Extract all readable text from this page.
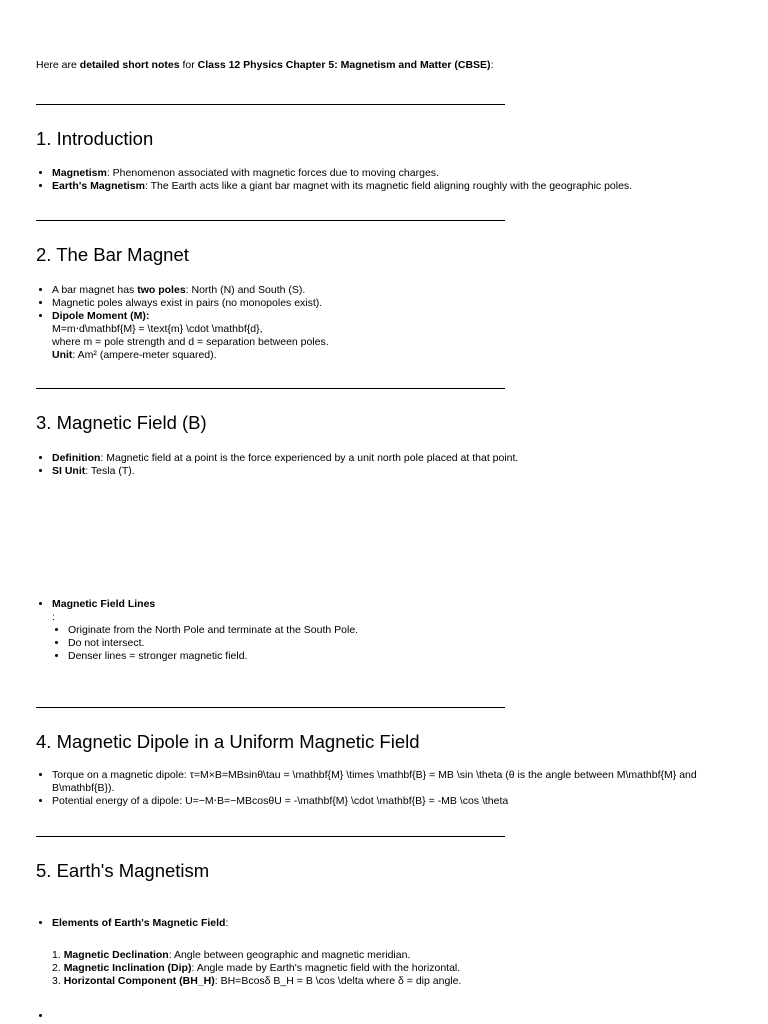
Here are detailed short notes for Class 12 Physics Chapter 5: Magnetism and Matter (CBSE):
1. Introduction
• Magnetism: Phenomenon associated with magnetic forces due to moving charges.
• Earth's Magnetism: The Earth acts like a giant bar magnet with its magnetic field aligning roughly with the geographic poles.
2. The Bar Magnet
• A bar magnet has two poles: North (N) and South (S).
• Magnetic poles always exist in pairs (no monopoles exist).
• Dipole Moment (M):
M=m⋅d\mathbf{M} = \text{m} \cdot \mathbf{d},
where m = pole strength and d = separation between poles.
Unit: Am² (ampere-meter squared).
3. Magnetic Field (B)
• Definition: Magnetic field at a point is the force experienced by a unit north pole placed at that point.
• SI Unit: Tesla (T).
• Magnetic Field Lines
:
• Originate from the North Pole and terminate at the South Pole.
• Do not intersect.
• Denser lines = stronger magnetic field.
4. Magnetic Dipole in a Uniform Magnetic Field
• Torque on a magnetic dipole: τ=M×B=MBsinθ\tau = \mathbf{M} \times \mathbf{B} = MB \sin \theta (θ is the angle between M\mathbf{M} and B\mathbf{B}).
• Potential energy of a dipole: U=−M⋅B=−MBcosθU = -\mathbf{M} \cdot \mathbf{B} = -MB \cos \theta
5. Earth's Magnetism
• Elements of Earth's Magnetic Field:
1. Magnetic Declination: Angle between geographic and magnetic meridian.
2. Magnetic Inclination (Dip): Angle made by Earth's magnetic field with the horizontal.
3. Horizontal Component (BH_H): BH=Bcosδ B_H = B \cos \delta where δ = dip angle.
•
